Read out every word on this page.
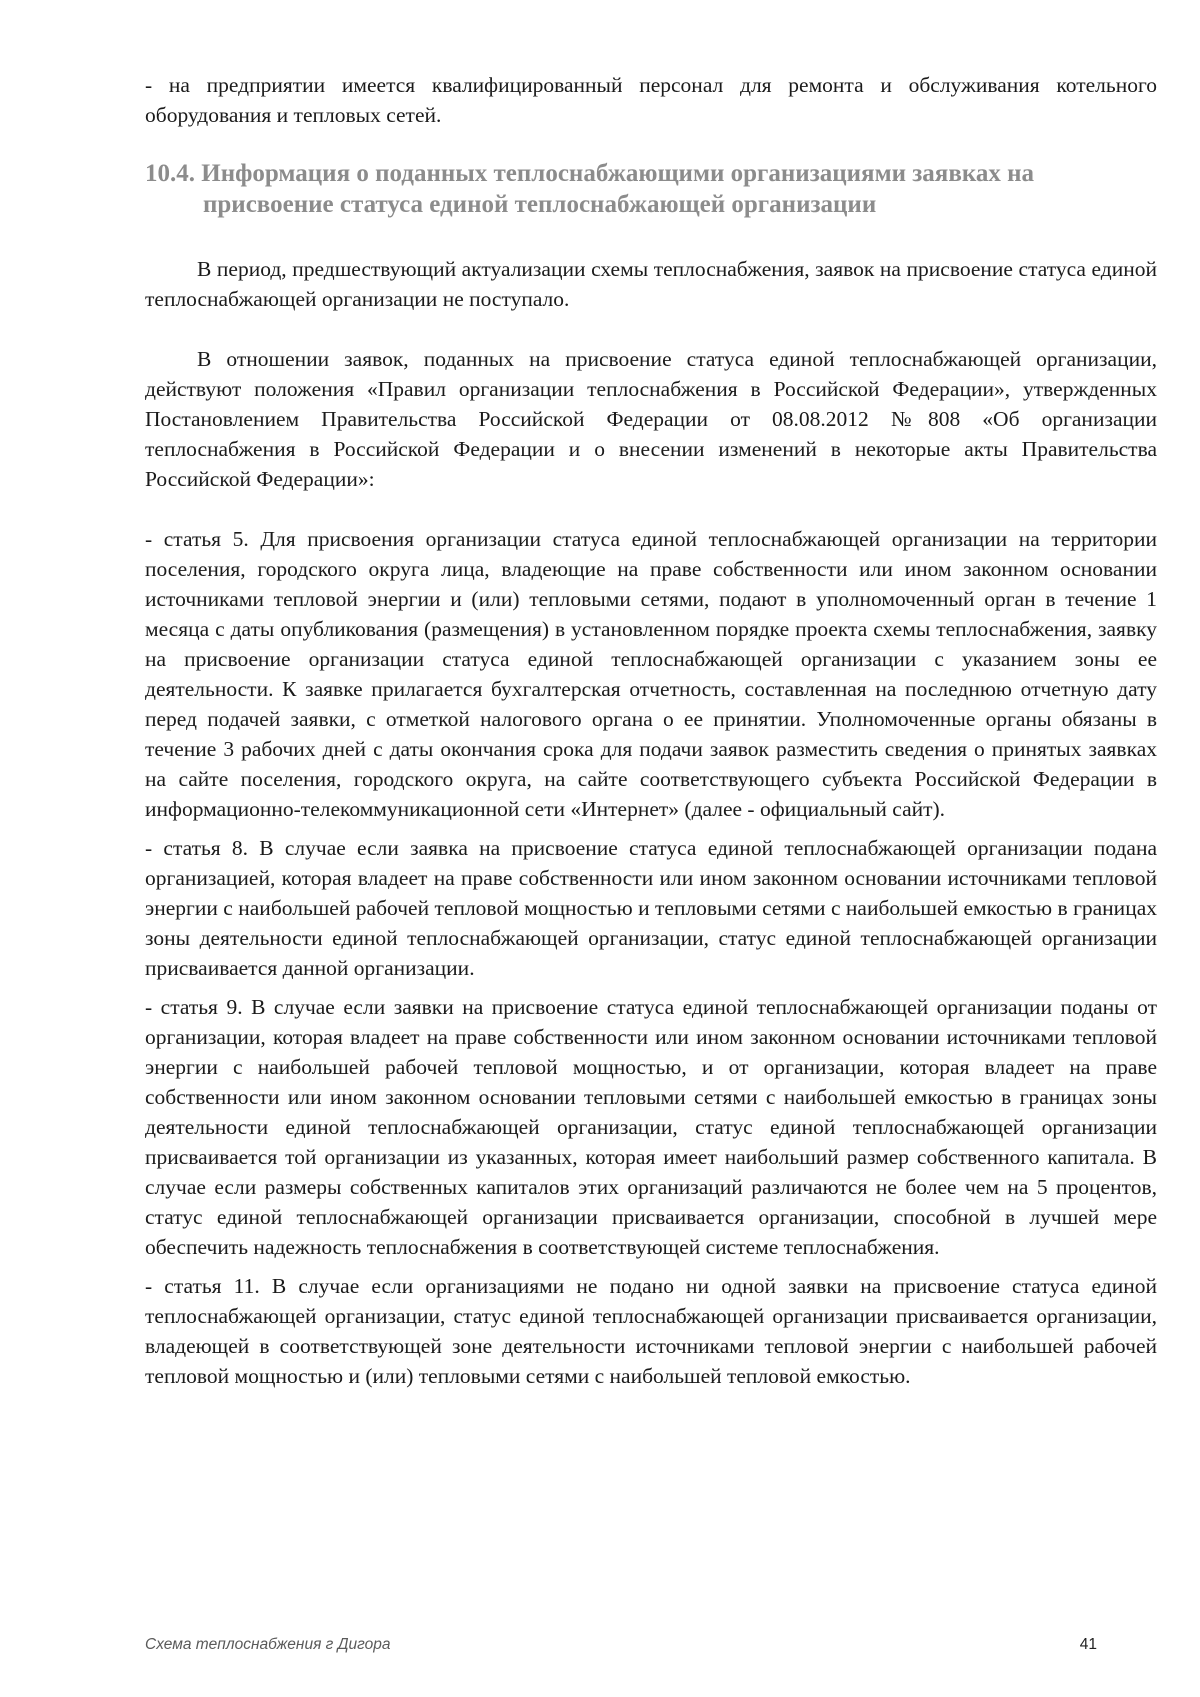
- на предприятии имеется квалифицированный персонал для ремонта и обслуживания котельного оборудования и тепловых сетей.

10.4. Информация о поданных теплоснабжающими организациями заявках на присвоение статуса единой теплоснабжающей организации

В период, предшествующий актуализации схемы теплоснабжения, заявок на присвоение статуса единой теплоснабжающей организации не поступало.

В отношении заявок, поданных на присвоение статуса единой теплоснабжающей организации, действуют положения «Правил организации теплоснабжения в Российской Федерации», утвержденных Постановлением Правительства Российской Федерации от 08.08.2012 №808 «Об организации теплоснабжения в Российской Федерации и о внесении изменений в некоторые акты Правительства Российской Федерации»:

- статья 5. Для присвоения организации статуса единой теплоснабжающей организации на территории поселения, городского округа лица, владеющие на праве собственности или ином законном основании источниками тепловой энергии и (или) тепловыми сетями, подают в уполномоченный орган в течение 1 месяца с даты опубликования (размещения) в установленном порядке проекта схемы теплоснабжения, заявку на присвоение организации статуса единой теплоснабжающей организации с указанием зоны ее деятельности. К заявке прилагается бухгалтерская отчетность, составленная на последнюю отчетную дату перед подачей заявки, с отметкой налогового органа о ее принятии. Уполномоченные органы обязаны в течение 3 рабочих дней с даты окончания срока для подачи заявок разместить сведения о принятых заявках на сайте поселения, городского округа, на сайте соответствующего субъекта Российской Федерации в информационно-телекоммуникационной сети «Интернет» (далее - официальный сайт).

- статья 8. В случае если заявка на присвоение статуса единой теплоснабжающей организации подана организацией, которая владеет на праве собственности или ином законном основании источниками тепловой энергии с наибольшей рабочей тепловой мощностью и тепловыми сетями с наибольшей емкостью в границах зоны деятельности единой теплоснабжающей организации, статус единой теплоснабжающей организации присваивается данной организации.

- статья 9. В случае если заявки на присвоение статуса единой теплоснабжающей организации поданы от организации, которая владеет на праве собственности или ином законном основании источниками тепловой энергии с наибольшей рабочей тепловой мощностью, и от организации, которая владеет на праве собственности или ином законном основании тепловыми сетями с наибольшей емкостью в границах зоны деятельности единой теплоснабжающей организации, статус единой теплоснабжающей организации присваивается той организации из указанных, которая имеет наибольший размер собственного капитала. В случае если размеры собственных капиталов этих организаций различаются не более чем на 5 процентов, статус единой теплоснабжающей организации присваивается организации, способной в лучшей мере обеспечить надежность теплоснабжения в соответствующей системе теплоснабжения.

- статья 11. В случае если организациями не подано ни одной заявки на присвоение статуса единой теплоснабжающей организации, статус единой теплоснабжающей организации присваивается организации, владеющей в соответствующей зоне деятельности источниками тепловой энергии с наибольшей рабочей тепловой мощностью и (или) тепловыми сетями с наибольшей тепловой емкостью.

Схема теплоснабжения г Дигора	41
